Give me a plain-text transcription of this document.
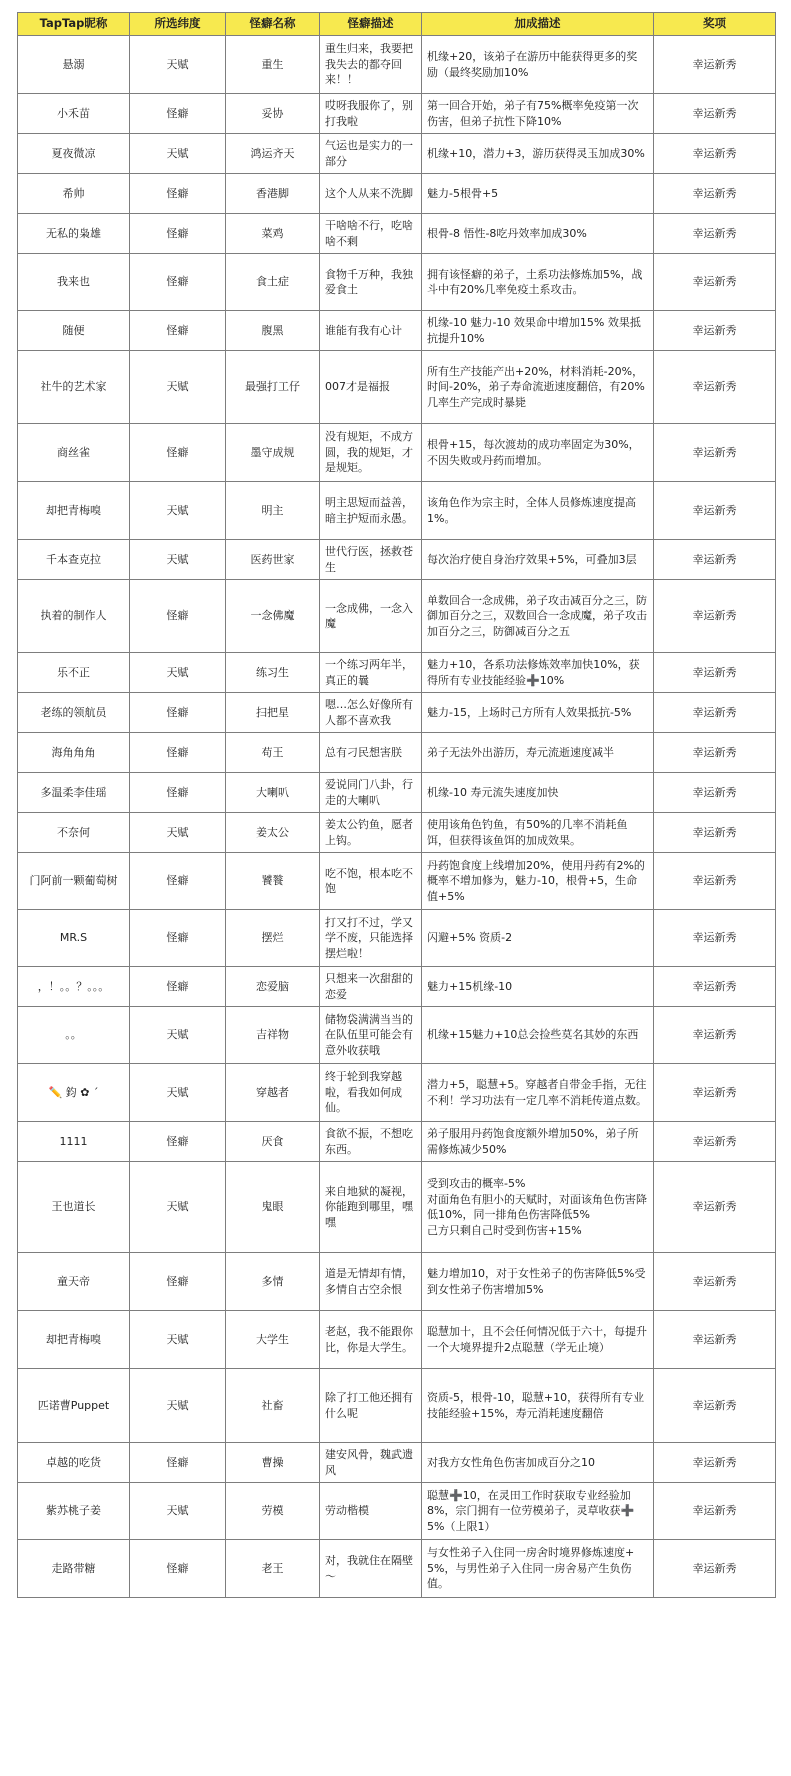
TapTap昵称	所选纬度	怪癖名称	怪癖描述	加成描述	奖项
悬溺	天赋	重生	重生归来，我要把我失去的都夺回来！！	机缘+20，该弟子在游历中能获得更多的奖励（最终奖励加10%	幸运新秀
小禾苗	怪癖	妥协	哎呀我服你了，别打我啦	第一回合开始，弟子有75%概率免疫第一次伤害，但弟子抗性下降10%	幸运新秀
夏夜微凉	天赋	鸿运齐天	气运也是实力的一部分	机缘+10，潜力+3，游历获得灵玉加成30%	幸运新秀
希帅	怪癖	香港脚	这个人从来不洗脚	魅力-5根骨+5	幸运新秀
无私的枭雄	怪癖	菜鸡	干啥啥不行，吃啥啥不剩	根骨-8 悟性-8吃丹效率加成30%	幸运新秀
我来也	怪癖	食土症	食物千万种，我独爱食土	拥有该怪癖的弟子，土系功法修炼加5%，战斗中有20%几率免疫土系攻击。	幸运新秀
随便	怪癖	腹黑	谁能有我有心计	机缘-10 魅力-10 效果命中增加15% 效果抵抗提升10%	幸运新秀
社牛的艺术家	天赋	最强打工仔	007才是福报	所有生产技能产出+20%，材料消耗-20%，时间-20%，弟子寿命流逝速度翻倍，有20%几率生产完成时暴毙	幸运新秀
商丝雀	怪癖	墨守成规	没有规矩，不成方圆，我的规矩，才是规矩。	根骨+15，每次渡劫的成功率固定为30%，不因失败或丹药而增加。	幸运新秀
却把青梅嗅	天赋	明主	明主思短而益善，暗主护短而永愚。	该角色作为宗主时，全体人员修炼速度提高1%。	幸运新秀
千本查克拉	天赋	医药世家	世代行医，拯救苍生	每次治疗使自身治疗效果+5%，可叠加3层	幸运新秀
执着的制作人	怪癖	一念佛魔	一念成佛，一念入魔	单数回合一念成佛，弟子攻击减百分之三，防御加百分之三，双数回合一念成魔，弟子攻击加百分之三，防御减百分之五	幸运新秀
乐不正	天赋	练习生	一个练习两年半，真正的曩	魅力+10，各系功法修炼效率加快10%，获得所有专业技能经验➕10%	幸运新秀
老练的领航员	怪癖	扫把星	嗯…怎么好像所有人都不喜欢我	魅力-15，上场时己方所有人效果抵抗-5%	幸运新秀
海角角角	怪癖	苟王	总有刁民想害朕	弟子无法外出游历，寿元流逝速度减半	幸运新秀
多温柔李佳瑶	怪癖	大喇叭	爱说同门八卦，行走的大喇叭	机缘-10 寿元流失速度加快	幸运新秀
不奈何	天赋	姜太公	姜太公钓鱼，愿者上钩。	使用该角色钓鱼，有50%的几率不消耗鱼饵，但获得该鱼饵的加成效果。	幸运新秀
门阿前一颗葡萄树	怪癖	饕餮	吃不饱，根本吃不饱	丹药饱食度上线增加20%，使用丹药有2%的概率不增加修为，魅力-10，根骨+5，生命值+5%	幸运新秀
MR.S	怪癖	摆烂	打又打不过，学又学不废，只能选择摆烂啦！	闪避+5% 资质-2	幸运新秀
，！。。？。。。	怪癖	恋爱脑	只想来一次甜甜的恋爱	魅力+15机缘-10	幸运新秀
。。	天赋	吉祥物	储物袋满满当当的 在队伍里可能会有意外收获哦	机缘+15魅力+10总会捡些莫名其妙的东西	幸运新秀
✏️ 鈞 ✿ ˊ	天赋	穿越者	终于轮到我穿越啦，看我如何成仙。	潜力+5，聪慧+5。穿越者自带金手指，无往不利！学习功法有一定几率不消耗传道点数。	幸运新秀
1111	怪癖	厌食	食欲不振，不想吃东西。	弟子服用丹药饱食度额外增加50%，弟子所需修炼减少50%	幸运新秀
王也道长	天赋	鬼眼	来自地狱的凝视，你能跑到哪里，嘿嘿	受到攻击的概率-5%
对面角色有胆小的天赋时，对面该角色伤害降低10%，同一排角色伤害降低5%
己方只剩自己时受到伤害+15%	幸运新秀
童天帝	怪癖	多情	道是无情却有情，多情自古空余恨	魅力增加10，对于女性弟子的伤害降低5%受到女性弟子伤害增加5%	幸运新秀
却把青梅嗅	天赋	大学生	老赵，我不能跟你比，你是大学生。	聪慧加十，且不会任何情况低于六十，每提升一个大境界提升2点聪慧（学无止境）	幸运新秀
匹诺曹Puppet	天赋	社畜	除了打工他还拥有什么呢	资质-5，根骨-10，聪慧+10，获得所有专业技能经验+15%，寿元消耗速度翻倍	幸运新秀
卓越的吃货	怪癖	曹操	建安风骨，魏武遗风	对我方女性角色伤害加成百分之10	幸运新秀
紫苏桃子姜	天赋	劳模	劳动楷模	聪慧➕10，在灵田工作时获取专业经验加8%，宗门拥有一位劳模弟子，灵草收获➕5%（上限1）	幸运新秀
走路带糖	怪癖	老王	对，我就住在隔壁～	与女性弟子入住同一房舍时境界修炼速度+5%，与男性弟子入住同一房舍易产生负伤值。	幸运新秀
